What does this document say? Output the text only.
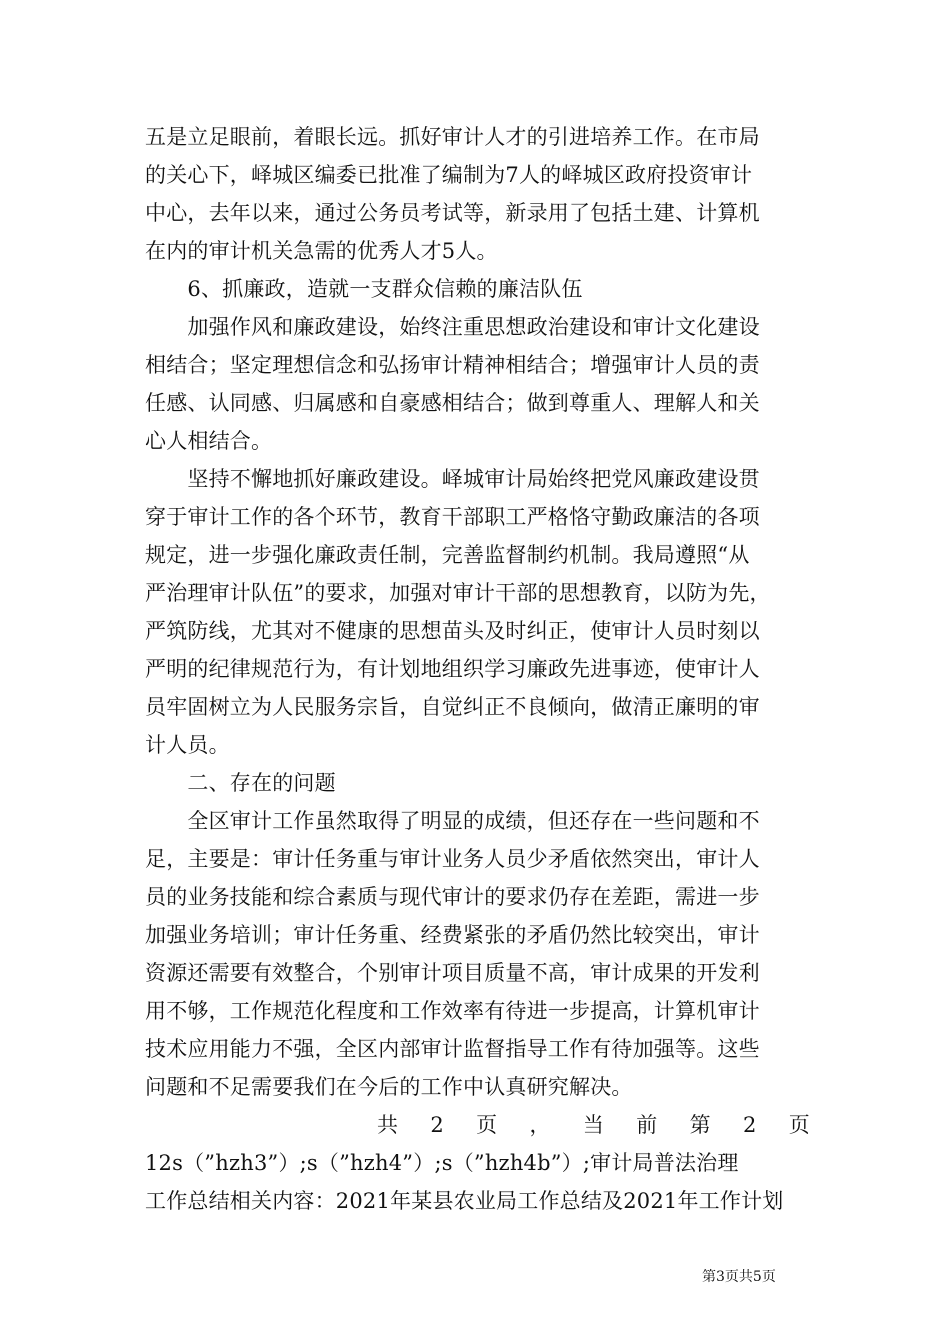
五是立足眼前，着眼长远。抓好审计人才的引进培养工作。在市局

的关心下，峄城区编委已批准了编制为7人的峄城区政府投资审计

中心，去年以来，通过公务员考试等，新录用了包括土建、计算机

在内的审计机关急需的优秀人才5人。

　　6、抓廉政，造就一支群众信赖的廉洁队伍

　　加强作风和廉政建设，始终注重思想政治建设和审计文化建设

相结合；坚定理想信念和弘扬审计精神相结合；增强审计人员的责

任感、认同感、归属感和自豪感相结合；做到尊重人、理解人和关

心人相结合。

　　坚持不懈地抓好廉政建设。峄城审计局始终把党风廉政建设贯

穿于审计工作的各个环节，教育干部职工严格恪守勤政廉洁的各项

规定，进一步强化廉政责任制，完善监督制约机制。我局遵照“从

严治理审计队伍”的要求，加强对审计干部的思想教育，以防为先，

严筑防线，尤其对不健康的思想苗头及时纠正，使审计人员时刻以

严明的纪律规范行为，有计划地组织学习廉政先进事迹，使审计人

员牢固树立为人民服务宗旨，自觉纠正不良倾向，做清正廉明的审

计人员。

　　二、存在的问题

　　全区审计工作虽然取得了明显的成绩，但还存在一些问题和不

足，主要是：审计任务重与审计业务人员少矛盾依然突出，审计人

员的业务技能和综合素质与现代审计的要求仍存在差距，需进一步

加强业务培训；审计任务重、经费紧张的矛盾仍然比较突出，审计

资源还需要有效整合，个别审计项目质量不高，审计成果的开发利

用不够，工作规范化程度和工作效率有待进一步提高，计算机审计

技术应用能力不强，全区内部审计监督指导工作有待加强等。这些

问题和不足需要我们在今后的工作中认真研究解决。

共 2 页 ， 当 前 第 2 页

12s（”hzh3”）;s（”hzh4”）;s（”hzh4b”）;审计局普法治理

工作总结相关内容：2021年某县农业局工作总结及2021年工作计划

第3页共5页
